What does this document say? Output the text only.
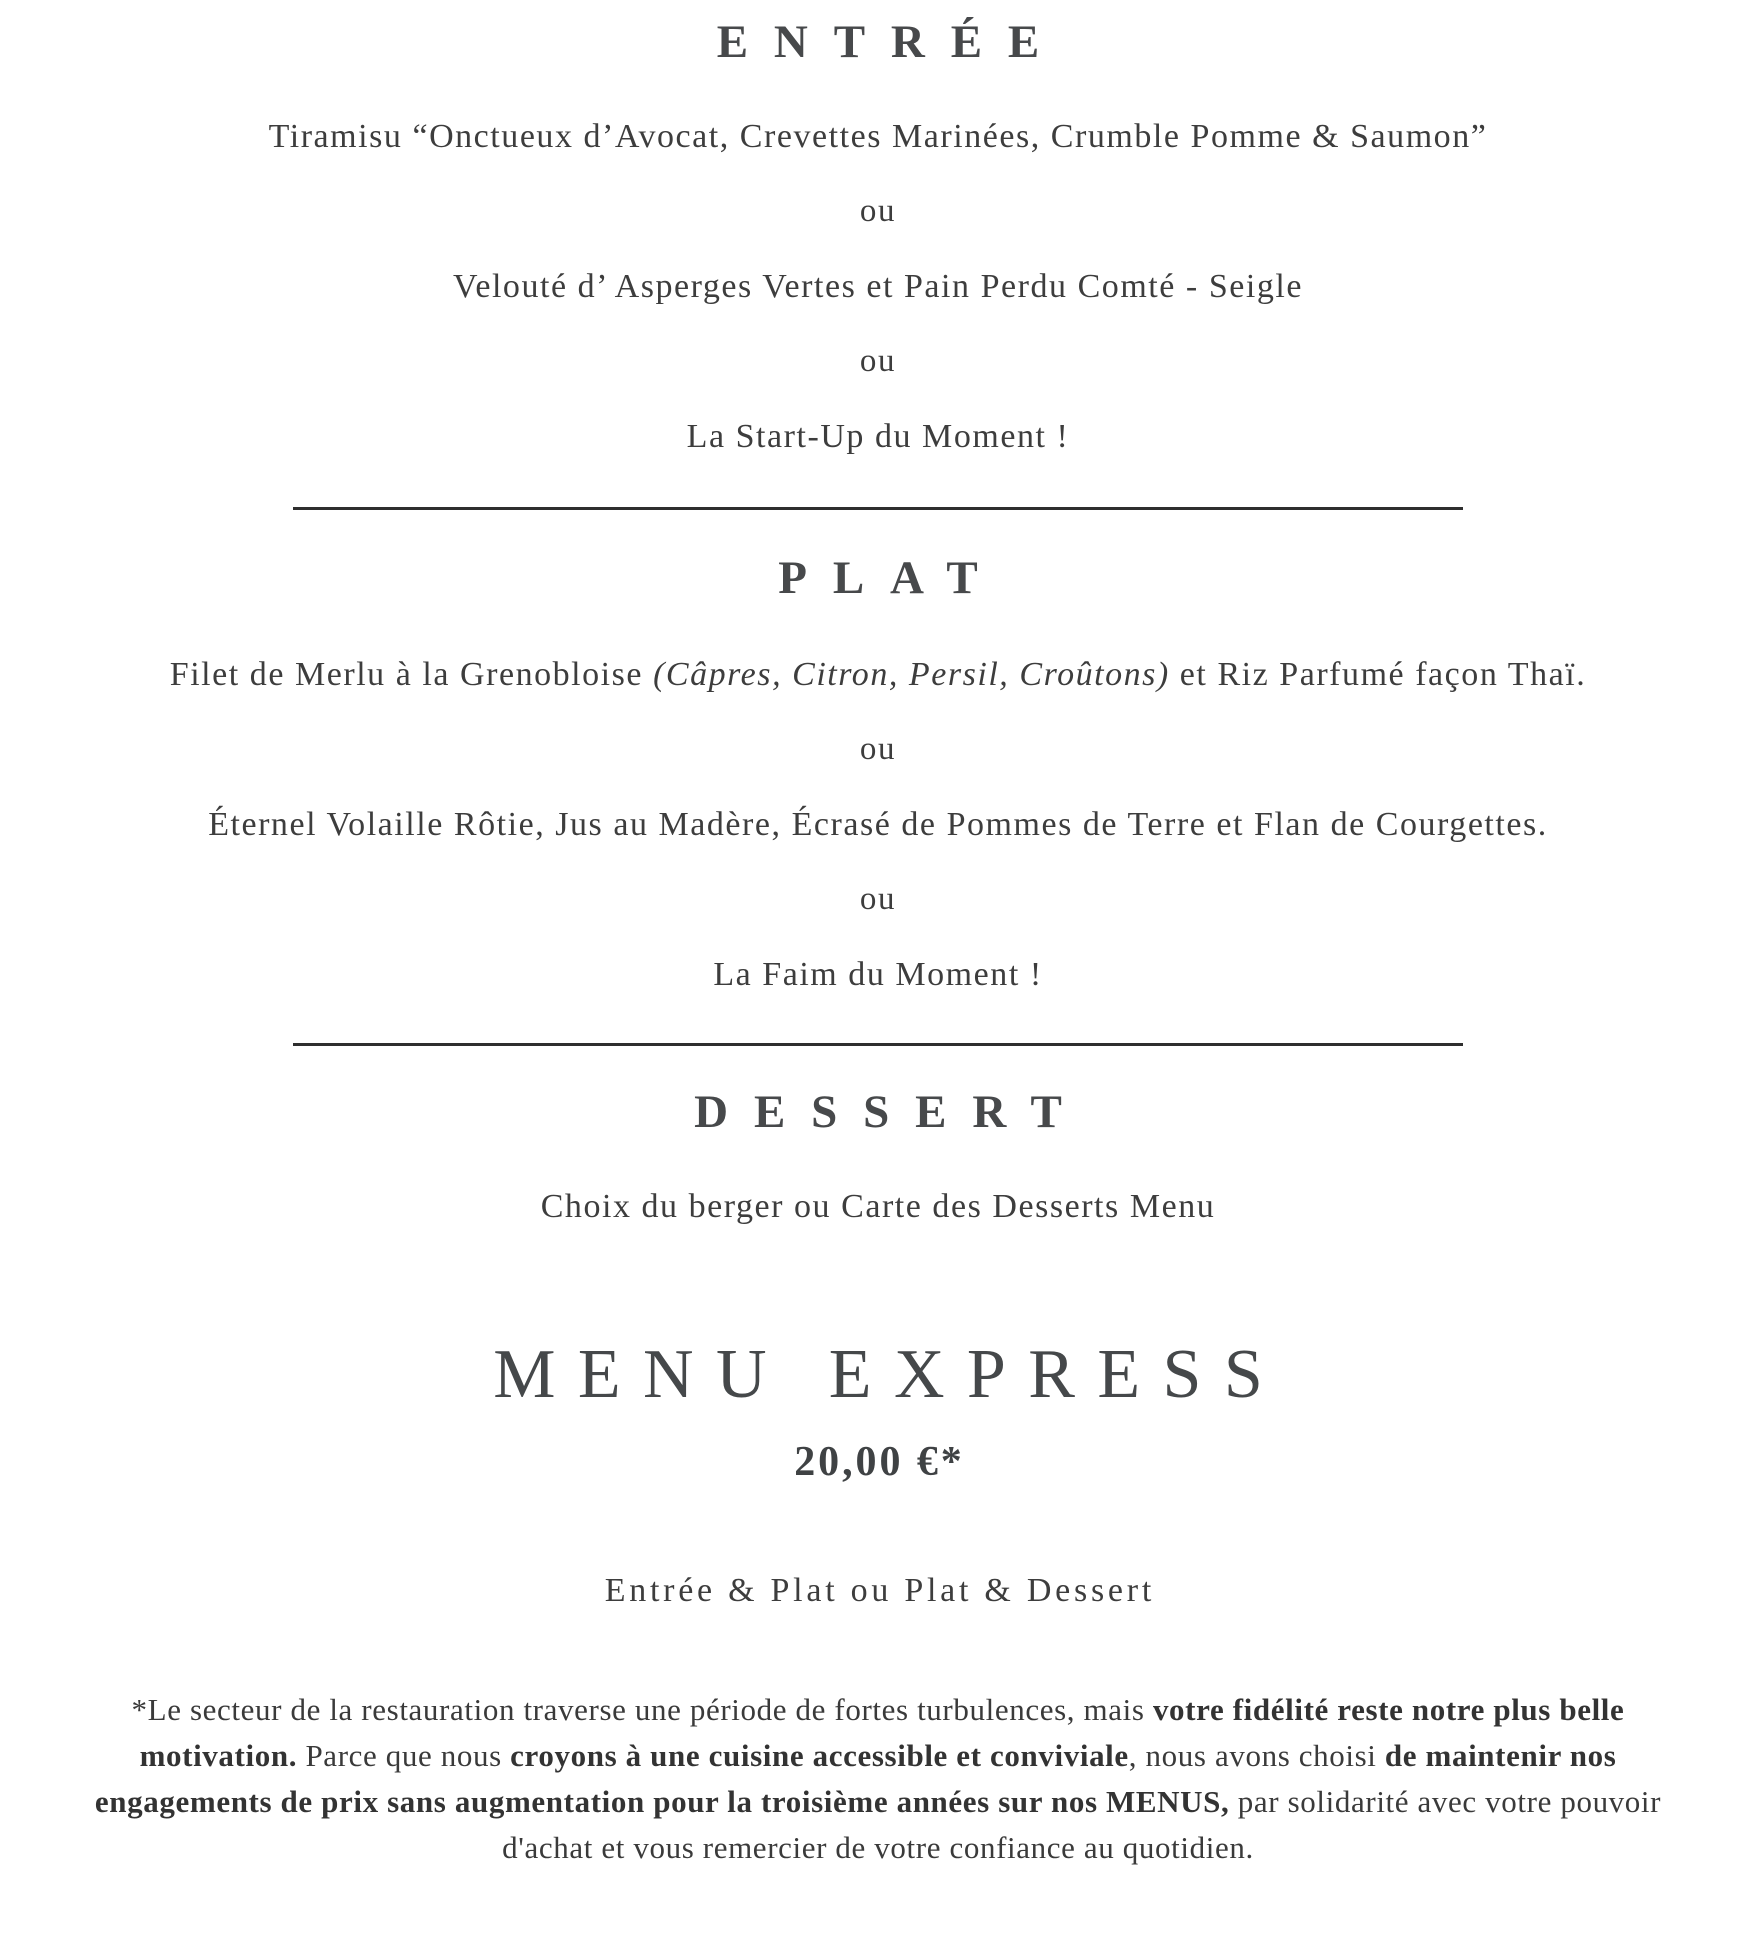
ENTRÉE
Tiramisu “Onctueux d’Avocat, Crevettes Marinées, Crumble Pomme & Saumon”
ou
Velouté d’ Asperges Vertes et Pain Perdu Comté - Seigle
ou
La Start-Up du Moment !
PLAT
Filet de Merlu à la Grenobloise (Câpres, Citron, Persil, Croûtons) et Riz Parfumé façon Thaï.
ou
Éternel Volaille Rôtie, Jus au Madère, Écrasé de Pommes de Terre et Flan de Courgettes.
ou
La Faim du Moment !
DESSERT
Choix du berger ou Carte des Desserts Menu
MENU EXPRESS
20,00 €*
Entrée & Plat ou Plat & Dessert
*Le secteur de la restauration traverse une période de fortes turbulences, mais votre fidélité reste notre plus belle motivation. Parce que nous croyons à une cuisine accessible et conviviale, nous avons choisi de maintenir nos engagements de prix sans augmentation pour la troisième années sur nos MENUS, par solidarité avec votre pouvoir d'achat et vous remercier de votre confiance au quotidien.
